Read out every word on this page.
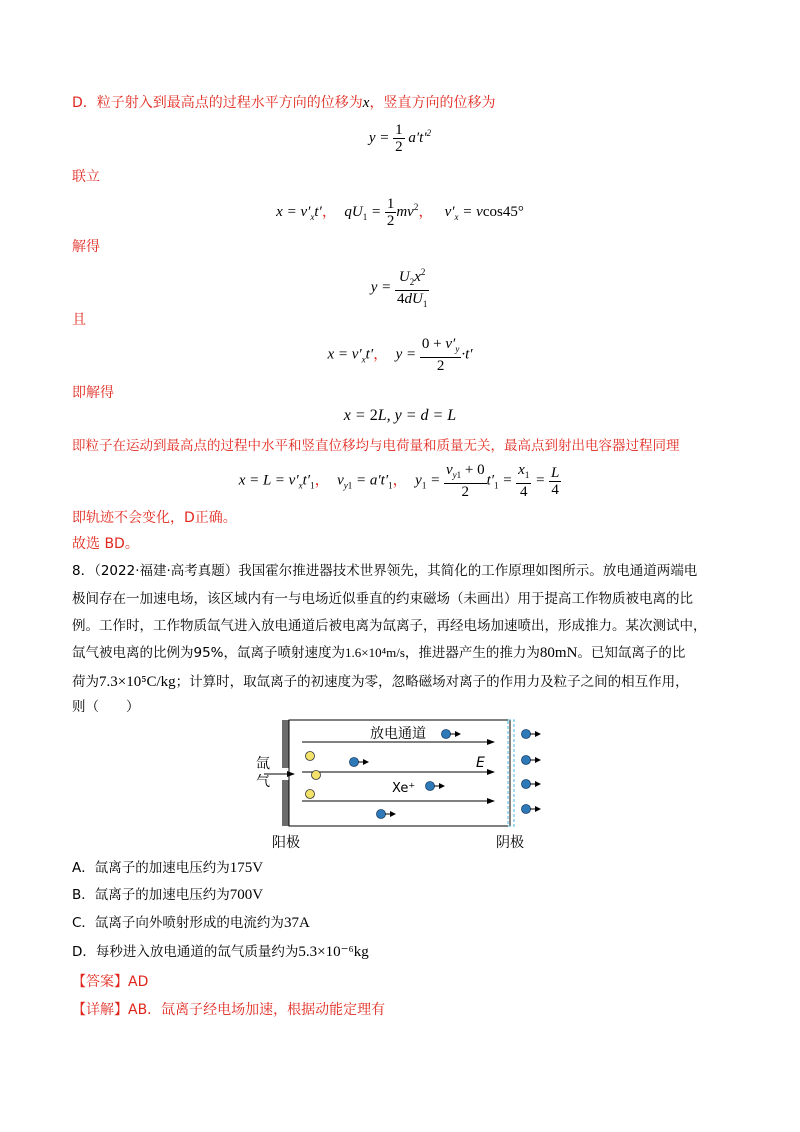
D．粒子射入到最高点的过程水平方向的位移为x，竖直方向的位移为
$y = \frac{1}{2} a't'^2$
联立
$x = v'_xt'$，  $qU_1 = \frac{1}{2} mv^2$，   $v'_x = vcos45^\circ$
解得
$y = \frac{U_2x^2}{4dU_1}$
且
$x = v'_xt'$，  $y = \frac{0 + v'_y}{2} \cdot t'$
即解得
x = 2L, y = d = L
即粒子在运动到最高点的过程中水平和竖直位移均与电荷量和质量无关，最高点到射出电容器过程同理
$x = L = v'_xt'_1$，  $v_{y1} = a't'_1$，  $y_1 = \frac{v_{y1} + 0}{2} t'_1 = \frac{x_1}{4} = \frac{L}{4}$
即轨迹不会变化，D正确。
故选 BD。
8．（2022·福建·高考真题）我国霍尔推进器技术世界领先，其简化的工作原理如图所示。放电通道两端电
极间存在一加速电场，该区域内有一与电场近似垂直的约束磁场（未画出）用于提高工作物质被电离的比
例。工作时，工作物质氙气进入放电通道后被电离为氙离子，再经电场加速喷出，形成推力。某次测试中，
氙气被电离的比例为95%，氙离子喷射速度为1.6×10⁴m/s，推进器产生的推力为80mN。已知氙离子的比
荷为7.3×10⁵C/kg；计算时，取氙离子的初速度为零，忽略磁场对离子的作用力及粒子之间的相互作用，
则（　　）
放电通道
E
Xe⁺
氙 气
阳极	阴极
A．氙离子的加速电压约为175V
B．氙离子的加速电压约为700V
C．氙离子向外喷射形成的电流约为37A
D．每秒进入放电通道的氙气质量约为5.3×10⁻⁶kg
【答案】AD
【详解】AB．氙离子经电场加速，根据动能定理有
